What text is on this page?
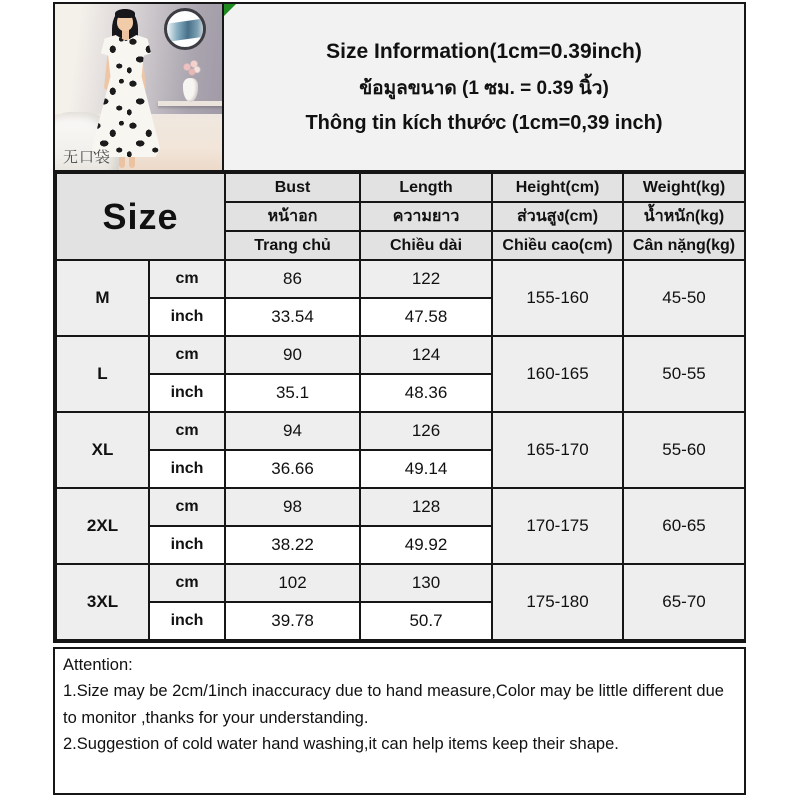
无口袋
Size Information(1cm=0.39inch)
ข้อมูลขนาด (1 ซม. = 0.39 นิ้ว)
Thông tin kích thước (1cm=0,39 inch)
Size		Bust	Length	Height(cm)	Weight(kg)
		หน้าอก	ความยาว	ส่วนสูง(cm)	น้ำหนัก(kg)
		Trang chủ	Chiều dài	Chiều cao(cm)	Cân nặng(kg)
M	cm	86	122	155-160	45-50
	inch	33.54	47.58		
L	cm	90	124	160-165	50-55
	inch	35.1	48.36		
XL	cm	94	126	165-170	55-60
	inch	36.66	49.14		
2XL	cm	98	128	170-175	60-65
	inch	38.22	49.92		
3XL	cm	102	130	175-180	65-70
	inch	39.78	50.7		
Attention:
1.Size may be 2cm/1inch inaccuracy due to hand measure,Color may be little different due to monitor ,thanks for your understanding.
2.Suggestion of cold water hand washing,it can help items keep their shape.
